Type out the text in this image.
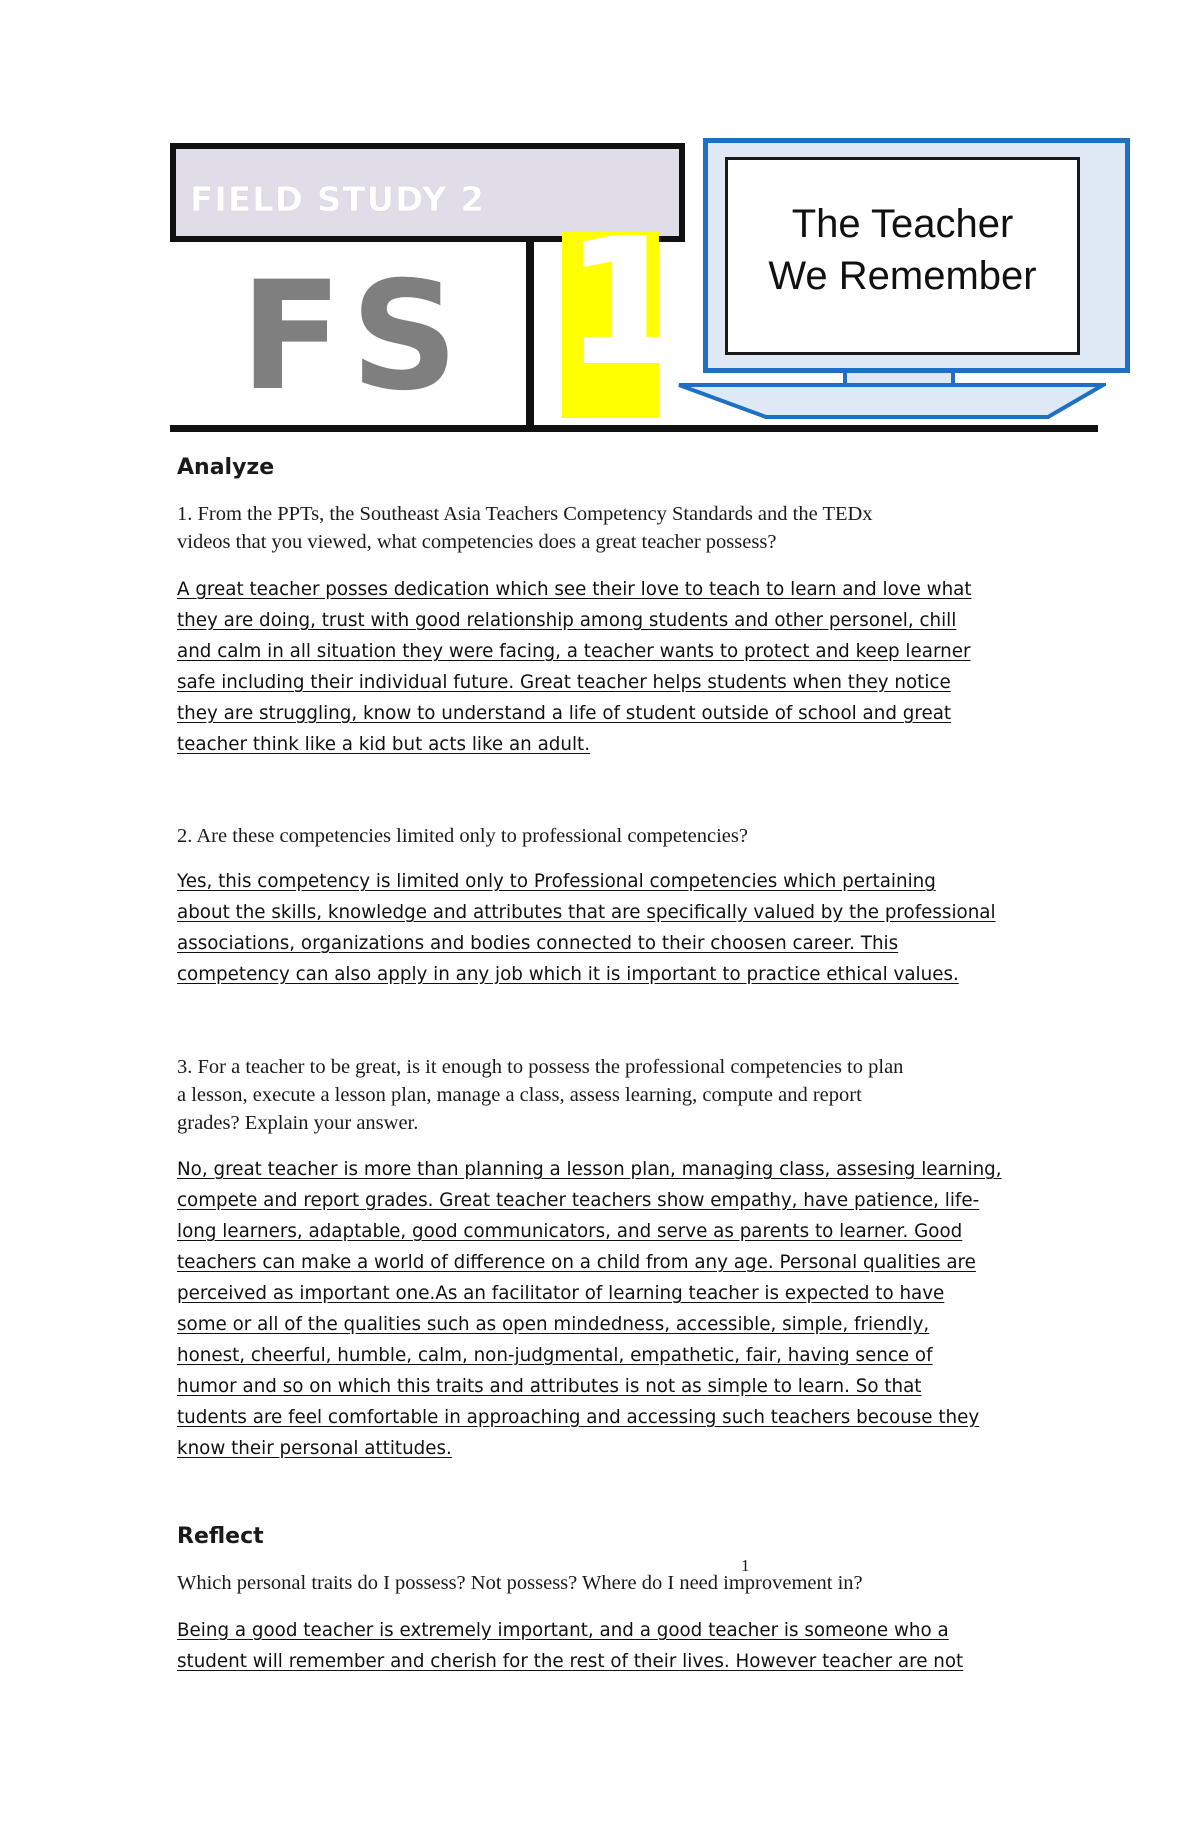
FIELD STUDY 2
FS 1	The Teacher
We Remember
Analyze
1. From the PPTs, the Southeast Asia Teachers Competency Standards and the TEDx
videos that you viewed, what competencies does a great teacher possess?
A great teacher posses dedication which see their love to teach to learn and love what
they are doing, trust with good relationship among students and other personel, chill
and calm in all situation they were facing, a teacher wants to protect and keep learner
safe including their individual future. Great teacher helps students when they notice
they are struggling, know to understand a life of student outside of school and great
teacher think like a kid but acts like an adult.
2. Are these competencies limited only to professional competencies?
Yes, this competency is limited only to Professional competencies which pertaining
about the skills, knowledge and attributes that are specifically valued by the professional
associations, organizations and bodies connected to their choosen career. This
competency can also apply in any job which it is important to practice ethical values.
3. For a teacher to be great, is it enough to possess the professional competencies to plan
a lesson, execute a lesson plan, manage a class, assess learning, compute and report
grades? Explain your answer.
No, great teacher is more than planning a lesson plan, managing class, assesing learning,
compete and report grades. Great teacher teachers show empathy, have patience, life-
long learners, adaptable, good communicators, and serve as parents to learner. Good
teachers can make a world of difference on a child from any age. Personal qualities are
perceived as important one.As an facilitator of learning teacher is expected to have
some or all of the qualities such as open mindedness, accessible, simple, friendly,
honest, cheerful, humble, calm, non-judgmental, empathetic, fair, having sence of
humor and so on which this traits and attributes is not as simple to learn. So that
tudents are feel comfortable in approaching and accessing such teachers becouse they
know their personal attitudes.
Reflect
1
Which personal traits do I possess? Not possess? Where do I need improvement in?
Being a good teacher is extremely important, and a good teacher is someone who a
student will remember and cherish for the rest of their lives. However teacher are not
